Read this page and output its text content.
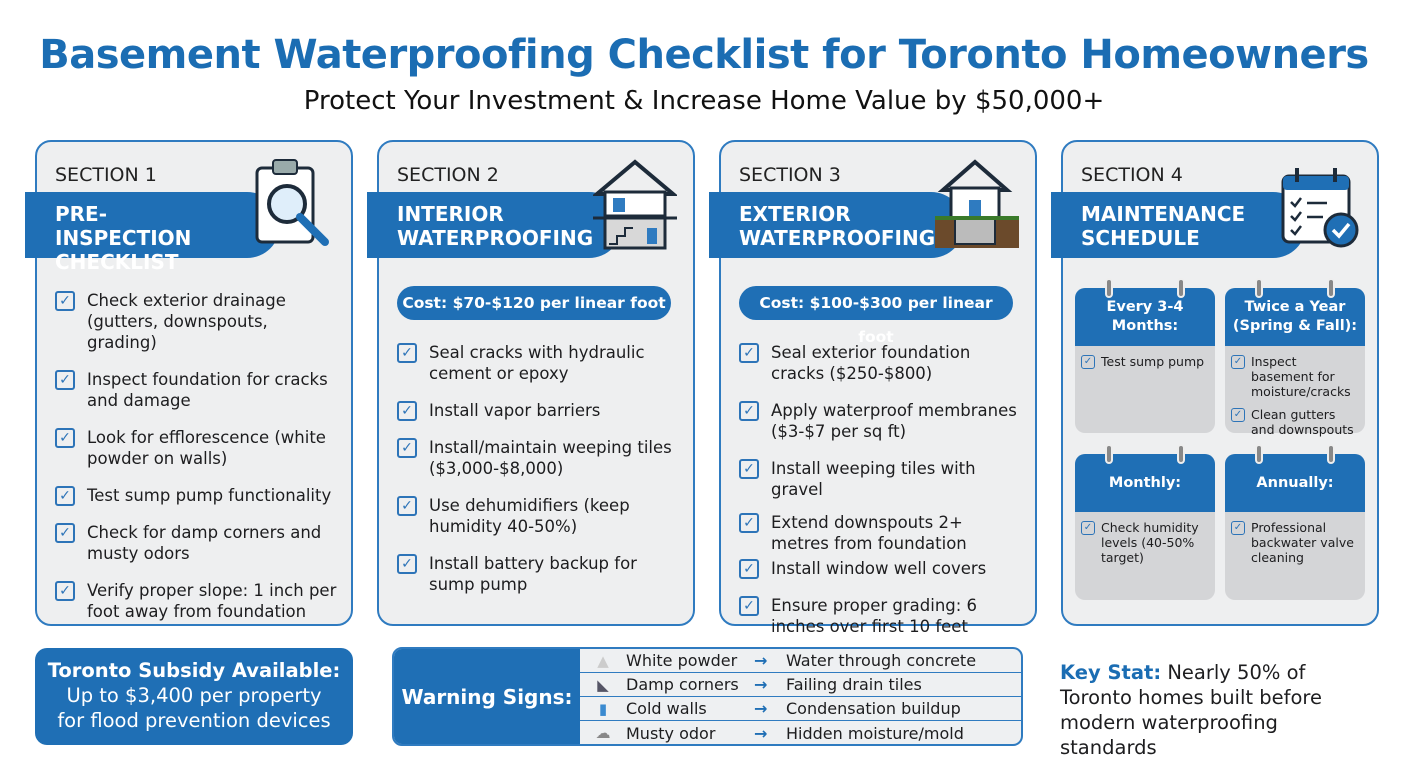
Basement Waterproofing Checklist for Toronto Homeowners
Protect Your Investment & Increase Home Value by $50,000+
SECTION 1
PRE-INSPECTION CHECKLIST
✓ Check exterior drainage (gutters, downspouts, grading)
✓ Inspect foundation for cracks and damage
✓ Look for efflorescence (white powder on walls)
✓ Test sump pump functionality
✓ Check for damp corners and musty odors
✓ Verify proper slope: 1 inch per foot away from foundation
SECTION 2
INTERIOR WATERPROOFING
Cost: $70-$120 per linear foot
✓ Seal cracks with hydraulic cement or epoxy
✓ Install vapor barriers
✓ Install/maintain weeping tiles ($3,000-$8,000)
✓ Use dehumidifiers (keep humidity 40-50%)
✓ Install battery backup for sump pump
SECTION 3
EXTERIOR WATERPROOFING
Cost: $100-$300 per linear foot
✓ Seal exterior foundation cracks ($250-$800)
✓ Apply waterproof membranes ($3-$7 per sq ft)
✓ Install weeping tiles with gravel
✓ Extend downspouts 2+ metres from foundation
✓ Install window well covers
✓ Ensure proper grading: 6 inches over first 10 feet
SECTION 4
MAINTENANCE SCHEDULE
Every 3-4 Months:
✓ Test sump pump
Twice a Year (Spring & Fall):
✓ Inspect basement for moisture/cracks
✓ Clean gutters and downspouts
Monthly:
✓ Check humidity levels (40-50% target)
Annually:
✓ Professional backwater valve cleaning
Toronto Subsidy Available:
Up to $3,400 per property
for flood prevention devices
Warning Signs:
▲	White powder	→	Water through concrete
◣	Damp corners →	Failing drain tiles
▮	Cold walls	→	Condensation buildup
☁ Musty odor	→	Hidden moisture/mold
Key Stat: Nearly 50% of Toronto homes built before modern waterproofing standards
